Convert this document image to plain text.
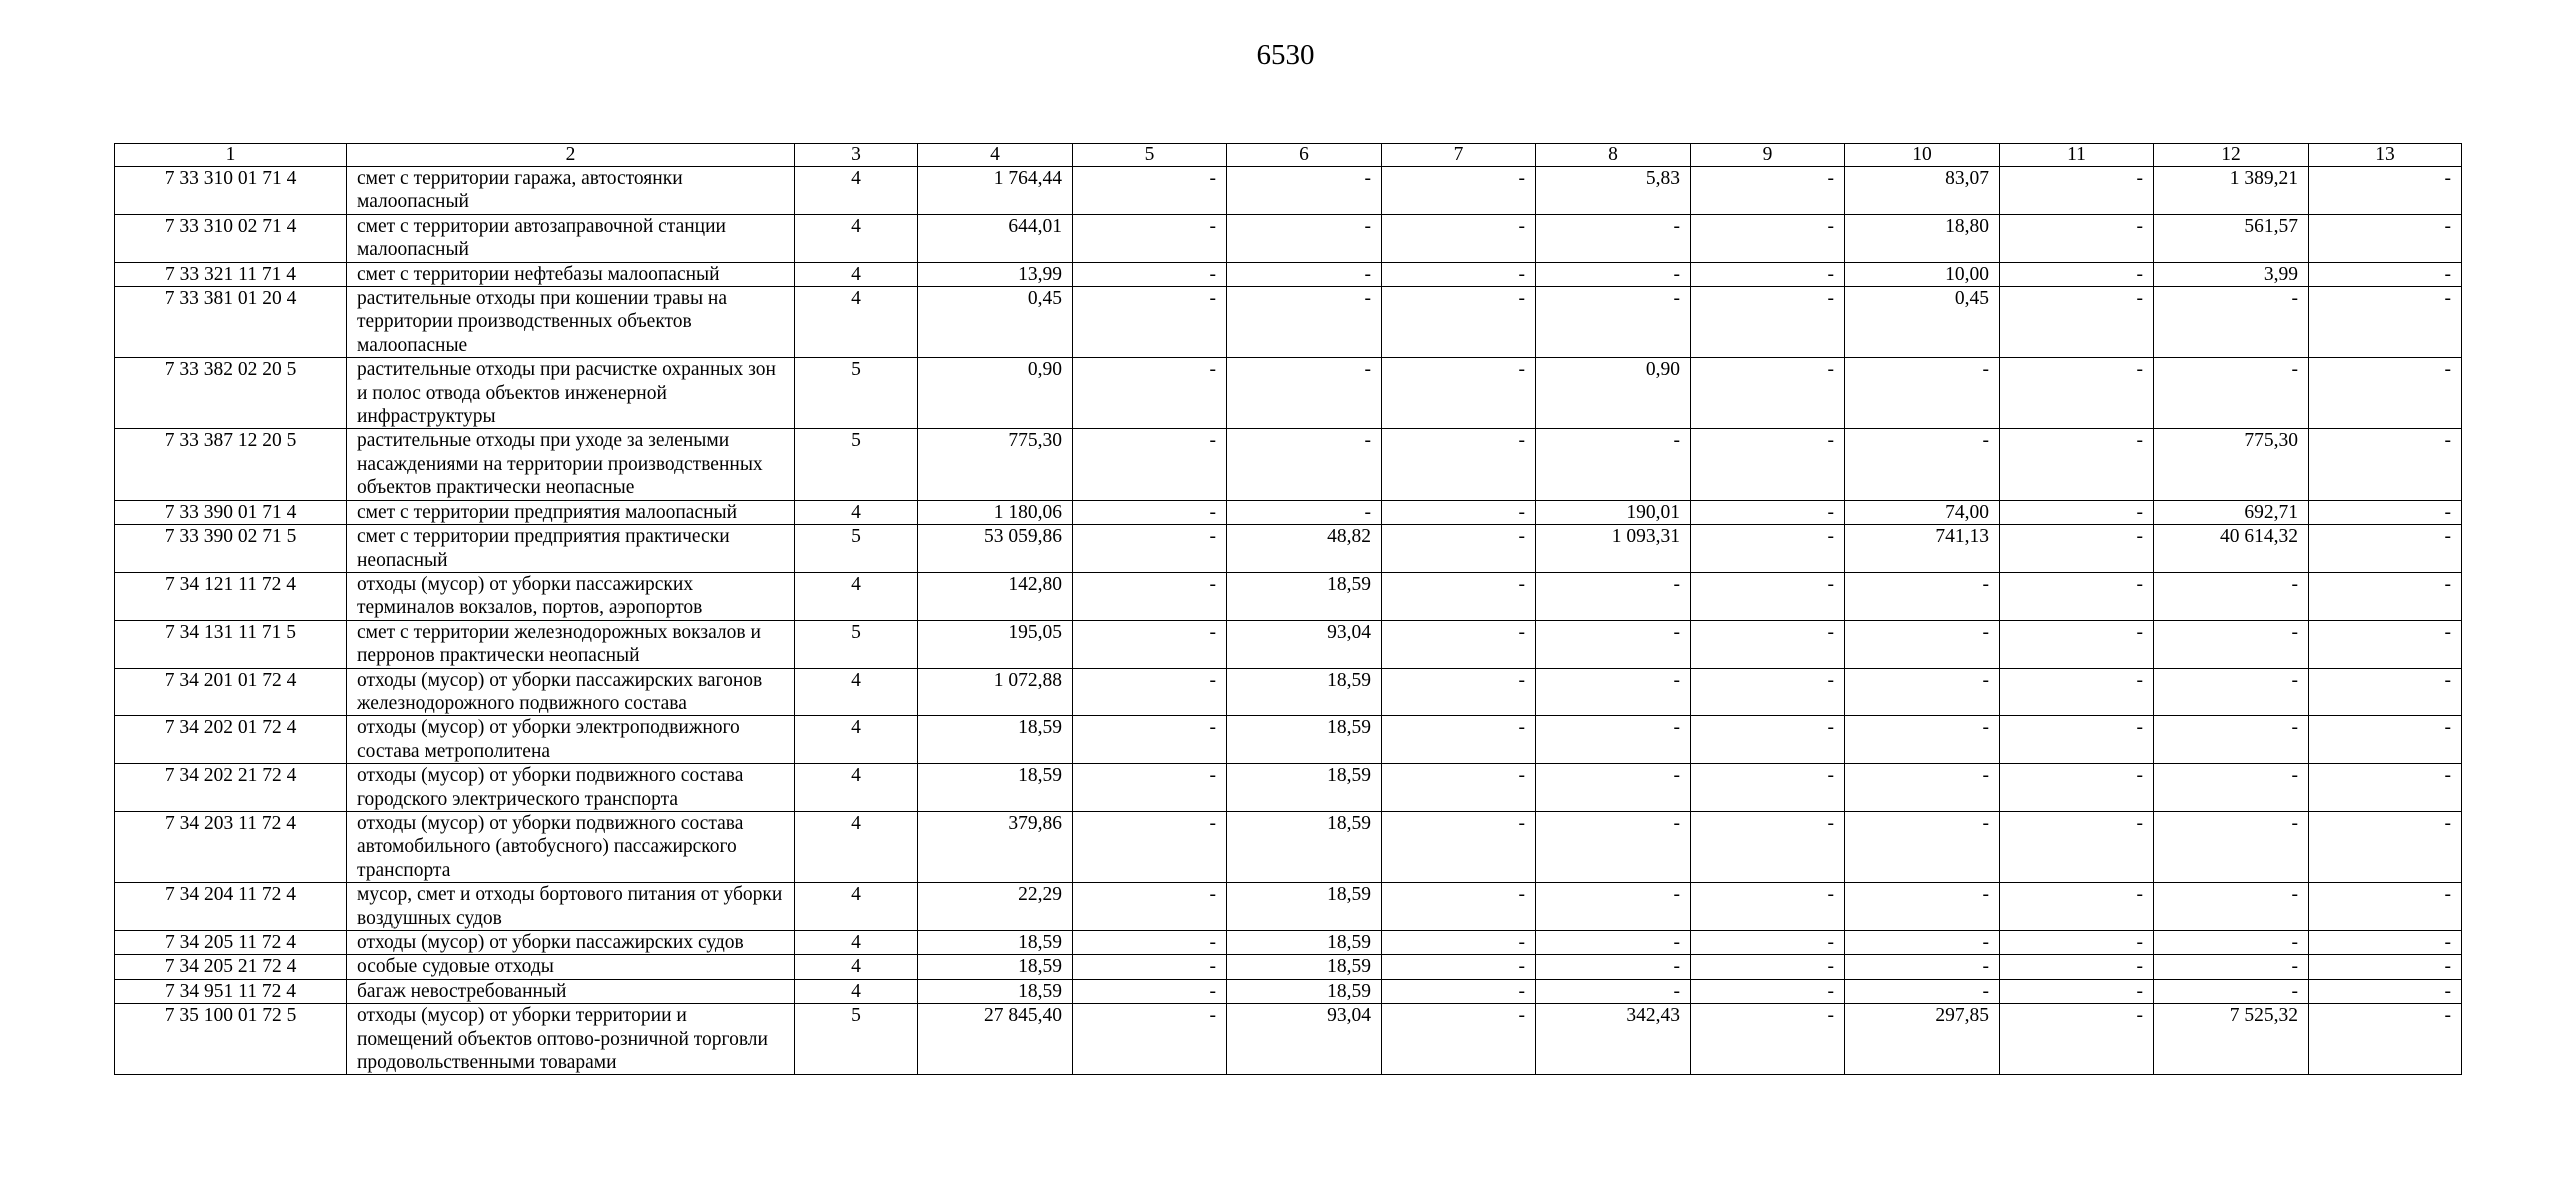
6530
1	2	3	4	5	6	7	8	9	10	11	12	13
7 33 310 01 71 4	смет с территории гаража, автостоянки малоопасный	4	1 764,44	-	-	-	5,83	-	83,07	-	1 389,21	-
7 33 310 02 71 4	смет с территории автозаправочной станции малоопасный	4	644,01	-	-	-	-	-	18,80	-	561,57	-
7 33 321 11 71 4	смет с территории нефтебазы малоопасный	4	13,99	-	-	-	-	-	10,00	-	3,99	-
7 33 381 01 20 4	растительные отходы при кошении травы на территории производственных объектов малоопасные	4	0,45	-	-	-	-	-	0,45	-	-	-
7 33 382 02 20 5	растительные отходы при расчистке охранных зон и полос отвода объектов инженерной инфраструктуры	5	0,90	-	-	-	0,90	-	-	-	-	-
7 33 387 12 20 5	растительные отходы при уходе за зелеными насаждениями на территории производственных объектов практически неопасные	5	775,30	-	-	-	-	-	-	-	775,30	-
7 33 390 01 71 4	смет с территории предприятия малоопасный	4	1 180,06	-	-	-	190,01	-	74,00	-	692,71	-
7 33 390 02 71 5	смет с территории предприятия практически неопасный	5	53 059,86	-	48,82	-	1 093,31	-	741,13	-	40 614,32	-
7 34 121 11 72 4	отходы (мусор) от уборки пассажирских терминалов вокзалов, портов, аэропортов	4	142,80	-	18,59	-	-	-	-	-	-	-
7 34 131 11 71 5	смет с территории железнодорожных вокзалов и перронов практически неопасный	5	195,05	-	93,04	-	-	-	-	-	-	-
7 34 201 01 72 4	отходы (мусор) от уборки пассажирских вагонов железнодорожного подвижного состава	4	1 072,88	-	18,59	-	-	-	-	-	-	-
7 34 202 01 72 4	отходы (мусор) от уборки электроподвижного состава метрополитена	4	18,59	-	18,59	-	-	-	-	-	-	-
7 34 202 21 72 4	отходы (мусор) от уборки подвижного состава городского электрического транспорта	4	18,59	-	18,59	-	-	-	-	-	-	-
7 34 203 11 72 4	отходы (мусор) от уборки подвижного состава автомобильного (автобусного) пассажирского транспорта	4	379,86	-	18,59	-	-	-	-	-	-	-
7 34 204 11 72 4	мусор, смет и отходы бортового питания от уборки воздушных судов	4	22,29	-	18,59	-	-	-	-	-	-	-
7 34 205 11 72 4	отходы (мусор) от уборки пассажирских судов	4	18,59	-	18,59	-	-	-	-	-	-	-
7 34 205 21 72 4	особые судовые отходы	4	18,59	-	18,59	-	-	-	-	-	-	-
7 34 951 11 72 4	багаж невостребованный	4	18,59	-	18,59	-	-	-	-	-	-	-
7 35 100 01 72 5	отходы (мусор) от уборки территории и помещений объектов оптово-розничной торговли продовольственными товарами	5	27 845,40	-	93,04	-	342,43	-	297,85	-	7 525,32	-
